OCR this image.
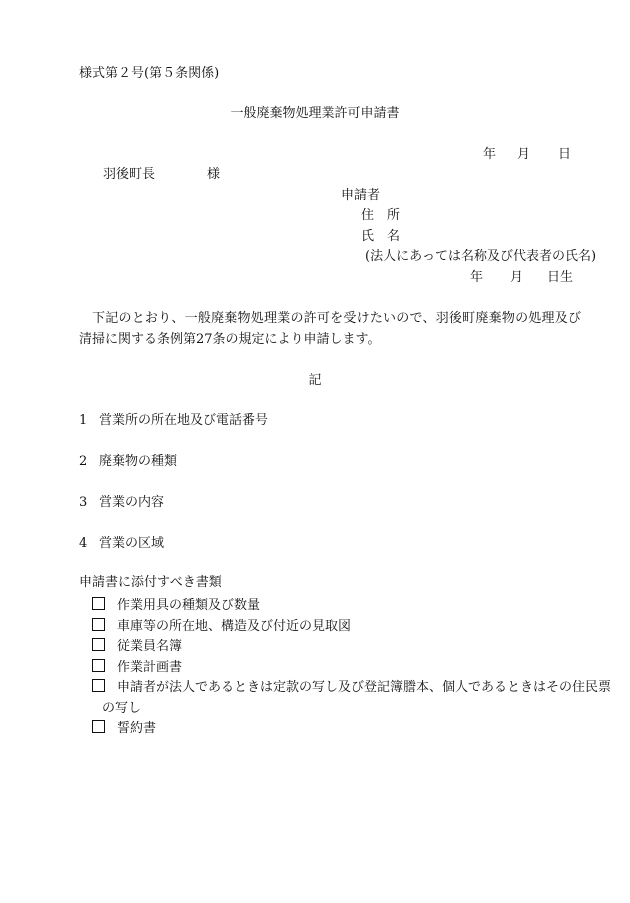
様式第２号(第５条関係)
一般廃棄物処理業許可申請書
年 月 日
羽後町長	様
申請者
住　所
氏　名
(法人にあっては名称及び代表者の氏名)
年 月 日生
下記のとおり、一般廃棄物処理業の許可を受けたいので、羽後町廃棄物の処理及び清掃に関する条例第27条の規定により申請します。
記
1 営業所の所在地及び電話番号
2 廃棄物の種類
3 営業の内容
4 営業の区域
申請書に添付すべき書類
作業用具の種類及び数量
車庫等の所在地、構造及び付近の見取図
従業員名簿
作業計画書
申請者が法人であるときは定款の写し及び登記簿謄本、個人であるときはその住民票
の写し
誓約書
